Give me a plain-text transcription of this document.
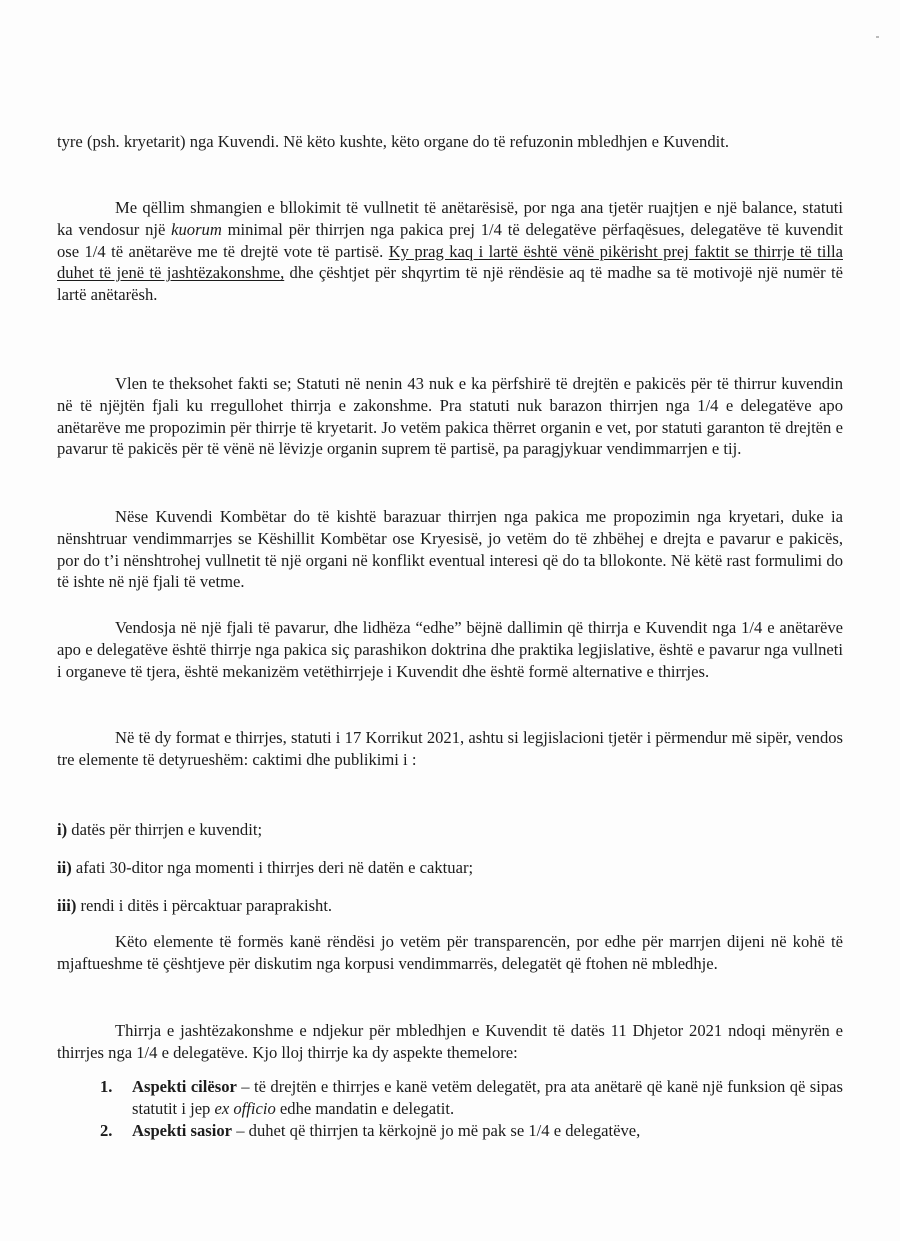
tyre (psh. kryetarit) nga Kuvendi. Në këto kushte, këto organe do të refuzonin mbledhjen e Kuvendit.

Me qëllim shmangien e bllokimit të vullnetit të anëtarësisë, por nga ana tjetër ruajtjen e një balance, statuti ka vendosur një kuorum minimal për thirrjen nga pakica prej 1/4 të delegatëve përfaqësues, delegatëve të kuvendit ose 1/4 të anëtarëve me të drejtë vote të partisë. Ky prag kaq i lartë është vënë pikërisht prej faktit se thirrje të tilla duhet të jenë të jashtëzakonshme, dhe çështjet për shqyrtim të një rëndësie aq të madhe sa të motivojë një numër të lartë anëtarësh.

Vlen te theksohet fakti se; Statuti në nenin 43 nuk e ka përfshirë të drejtën e pakicës për të thirrur kuvendin në të njëjtën fjali ku rregullohet thirrja e zakonshme. Pra statuti nuk barazon thirrjen nga 1/4 e delegatëve apo anëtarëve me propozimin për thirrje të kryetarit. Jo vetëm pakica thërret organin e vet, por statuti garanton të drejtën e pavarur të pakicës për të vënë në lëvizje organin suprem të partisë, pa paragjykuar vendimmarrjen e tij.

Nëse Kuvendi Kombëtar do të kishtë barazuar thirrjen nga pakica me propozimin nga kryetari, duke ia nënshtruar vendimmarrjes se Këshillit Kombëtar ose Kryesisë, jo vetëm do të zhbëhej e drejta e pavarur e pakicës, por do t’i nënshtrohej vullnetit të një organi në konflikt eventual interesi që do ta bllokonte. Në këtë rast formulimi do të ishte në një fjali të vetme.

Vendosja në një fjali të pavarur, dhe lidhëza “edhe” bëjnë dallimin që thirrja e Kuvendit nga 1/4 e anëtarëve apo e delegatëve është thirrje nga pakica siç parashikon doktrina dhe praktika legjislative, është e pavarur nga vullneti i organeve të tjera, është mekanizëm vetëthirrjeje i Kuvendit dhe është formë alternative e thirrjes.

Në të dy format e thirrjes, statuti i 17 Korrikut 2021, ashtu si legjislacioni tjetër i përmendur më sipër, vendos tre elemente të detyrueshëm: caktimi dhe publikimi i :

i) datës për thirrjen e kuvendit;

ii) afati 30-ditor nga momenti i thirrjes deri në datën e caktuar;

iii) rendi i ditës i përcaktuar paraprakisht.

Këto elemente të formës kanë rëndësi jo vetëm për transparencën, por edhe për marrjen dijeni në kohë të mjaftueshme të çështjeve për diskutim nga korpusi vendimmarrës, delegatët që ftohen në mbledhje.

Thirrja e jashtëzakonshme e ndjekur për mbledhjen e Kuvendit të datës 11 Dhjetor 2021 ndoqi mënyrën e thirrjes nga 1/4 e delegatëve. Kjo lloj thirrje ka dy aspekte themelore:

1.	Aspekti cilësor – të drejtën e thirrjes e kanë vetëm delegatët, pra ata anëtarë që kanë një funksion që sipas statutit i jep ex officio edhe mandatin e delegatit.
2.	Aspekti sasior – duhet që thirrjen ta kërkojnë jo më pak se 1/4 e delegatëve,
